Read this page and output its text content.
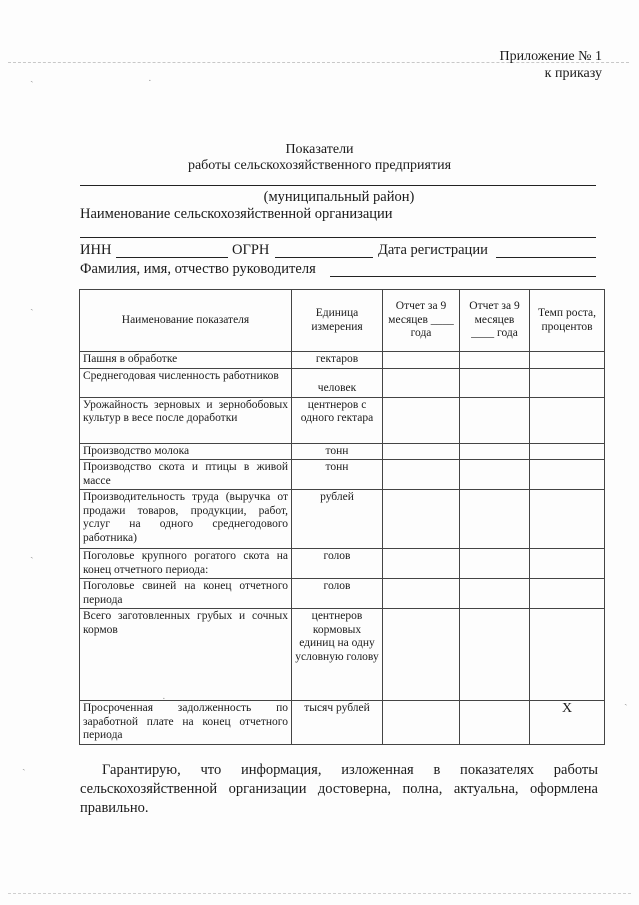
ˏ	·
ˏ
ˏ
·
ˏ
ˏ
Приложение № 1
к приказу
Показатели
работы сельскохозяйственного предприятия
(муниципальный район)
Наименование сельскохозяйственной организации
ИНН	ОГРН	Дата регистрации
Фамилия, имя, отчество руководителя
Наименование показателя	Единица измерения	Отчет за 9 месяцев ____ года	Отчет за 9 месяцев ____ года	Темп роста, процентов
Пашня в обработке	гектаров			
Среднегодовая численность работников	человек			
Урожайность зерновых и зернобобовых культур в весе после доработки	центнеров с одного гектара			
Производство молока	тонн			
Производство скота и птицы в живой массе	тонн			
Производительность труда (выручка от продажи товаров, продукции, работ, услуг на одного среднегодового работника)	рублей			
Поголовье крупного рогатого скота на конец отчетного периода:	голов			
Поголовье свиней на конец отчетного периода	голов			
Всего заготовленных грубых и сочных кормов	центнеров кормовых единиц на одну условную голову			
Просроченная задолженность по заработной плате на конец отчетного периода	тысяч рублей			Х
Гарантирую, что информация, изложенная в показателях работы сельскохозяйственной организации достоверна, полна, актуальна, оформлена правильно.
